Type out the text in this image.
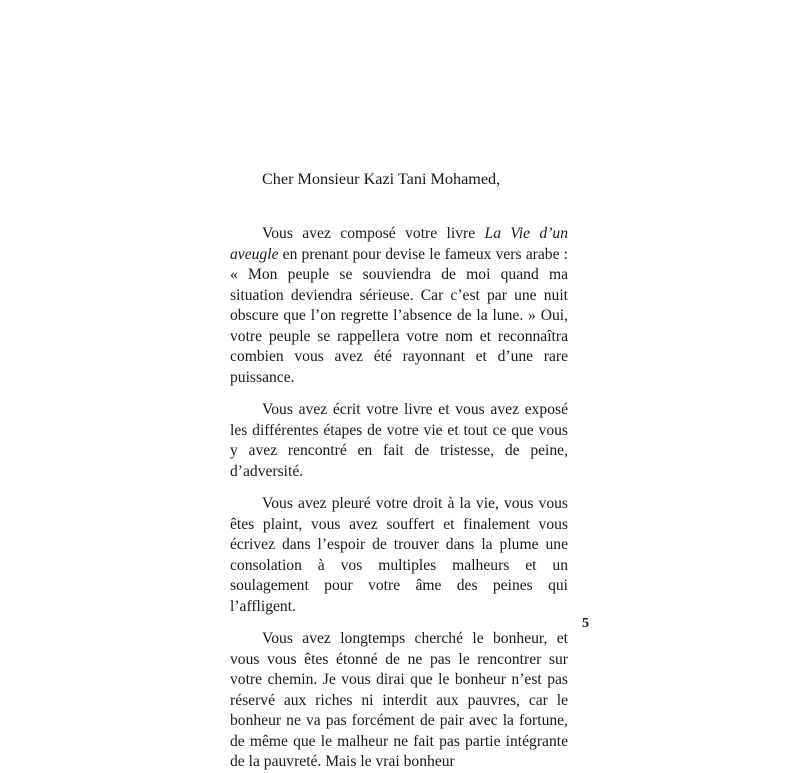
Cher Monsieur Kazi Tani Mohamed,

Vous avez composé votre livre La Vie d’un aveugle en prenant pour devise le fameux vers arabe : « Mon peuple se souviendra de moi quand ma situation deviendra sérieuse. Car c’est par une nuit obscure que l’on regrette l’absence de la lune. » Oui, votre peuple se rappellera votre nom et reconnaîtra combien vous avez été rayonnant et d’une rare puissance.

Vous avez écrit votre livre et vous avez exposé les différentes étapes de votre vie et tout ce que vous y avez rencontré en fait de tristesse, de peine, d’adversité.

Vous avez pleuré votre droit à la vie, vous vous êtes plaint, vous avez souffert et finalement vous écrivez dans l’espoir de trouver dans la plume une consolation à vos multiples malheurs et un soulagement pour votre âme des peines qui l’affligent.

Vous avez longtemps cherché le bonheur, et vous vous êtes étonné de ne pas le rencontrer sur votre chemin. Je vous dirai que le bonheur n’est pas réservé aux riches ni interdit aux pauvres, car le bonheur ne va pas forcément de pair avec la fortune, de même que le malheur ne fait pas partie intégrante de la pauvreté. Mais le vrai bonheur

5
